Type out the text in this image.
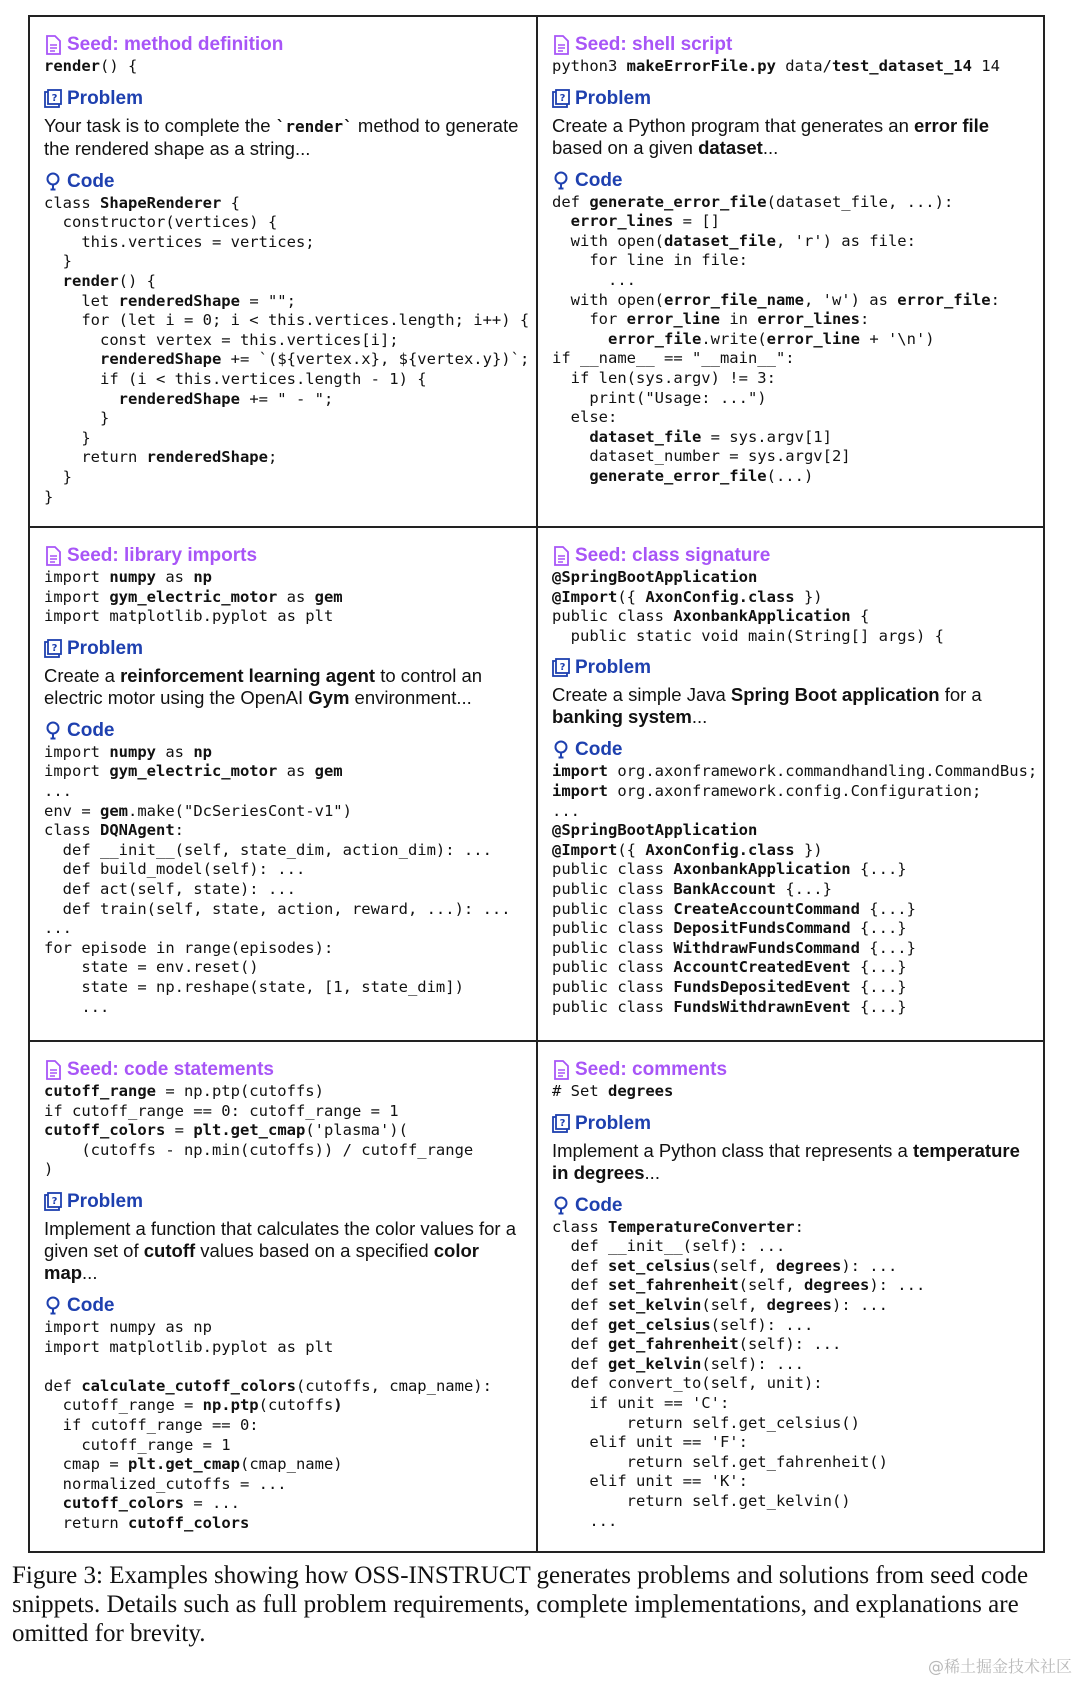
Seed: method definition
render() {
? Problem
Your task is to complete the `render` method to generate the rendered shape as a string...
Code
class ShapeRenderer {
constructor(vertices) {
this.vertices = vertices;
}
render() {
let renderedShape = "";
for (let i = 0; i < this.vertices.length; i++) {
const vertex = this.vertices[i];
renderedShape += `(${vertex.x}, ${vertex.y})`;
if (i < this.vertices.length - 1) {
renderedShape += " - ";
}
}
return renderedShape;
}
}
Seed: shell script
python3 makeErrorFile.py data/test_dataset_14 14
? Problem
Create a Python program that generates an error file based on a given dataset...
Code
def generate_error_file(dataset_file, ...):
error_lines = []
with open(dataset_file, 'r') as file:
for line in file:
...
with open(error_file_name, 'w') as error_file:
for error_line in error_lines:
error_file.write(error_line + '\n')
if __name__ == "__main__":
if len(sys.argv) != 3:
print("Usage: ...")
else:
dataset_file = sys.argv[1]
dataset_number = sys.argv[2]
generate_error_file(...)
Seed: library imports
import numpy as np
import gym_electric_motor as gem
import matplotlib.pyplot as plt
? Problem
Create a reinforcement learning agent to control an electric motor using the OpenAI Gym environment...
Code
import numpy as np
import gym_electric_motor as gem
...
env = gem.make("DcSeriesCont-v1")
class DQNAgent:
def __init__(self, state_dim, action_dim): ...
def build_model(self): ...
def act(self, state): ...
def train(self, state, action, reward, ...): ...
...
for episode in range(episodes):
state = env.reset()
state = np.reshape(state, [1, state_dim])
...
Seed: class signature
@SpringBootApplication
@Import({ AxonConfig.class })
public class AxonbankApplication {
public static void main(String[] args) {
? Problem
Create a simple Java Spring Boot application for a banking system...
Code
import org.axonframework.commandhandling.CommandBus;
import org.axonframework.config.Configuration;
...
@SpringBootApplication
@Import({ AxonConfig.class })
public class AxonbankApplication {...}
public class BankAccount {...}
public class CreateAccountCommand {...}
public class DepositFundsCommand {...}
public class WithdrawFundsCommand {...}
public class AccountCreatedEvent {...}
public class FundsDepositedEvent {...}
public class FundsWithdrawnEvent {...}
Seed: code statements
cutoff_range = np.ptp(cutoffs)
if cutoff_range == 0: cutoff_range = 1
cutoff_colors = plt.get_cmap('plasma')(
(cutoffs - np.min(cutoffs)) / cutoff_range
)
? Problem
Implement a function that calculates the color values for a given set of cutoff values based on a specified color map...
Code
import numpy as np
import matplotlib.pyplot as plt

def calculate_cutoff_colors(cutoffs, cmap_name):
cutoff_range = np.ptp(cutoffs)
if cutoff_range == 0:
cutoff_range = 1
cmap = plt.get_cmap(cmap_name)
normalized_cutoffs = ...
cutoff_colors = ...
return cutoff_colors
Seed: comments
# Set degrees
? Problem
Implement a Python class that represents a temperature in degrees...
Code
class TemperatureConverter:
def __init__(self): ...
def set_celsius(self, degrees): ...
def set_fahrenheit(self, degrees): ...
def set_kelvin(self, degrees): ...
def get_celsius(self): ...
def get_fahrenheit(self): ...
def get_kelvin(self): ...
def convert_to(self, unit):
if unit == 'C':
return self.get_celsius()
elif unit == 'F':
return self.get_fahrenheit()
elif unit == 'K':
return self.get_kelvin()
...
Figure 3: Examples showing how OSS-INSTRUCT generates problems and solutions from seed code snippets. Details such as full problem requirements, complete implementations, and explanations are omitted for brevity.
@稀土掘金技术社区
